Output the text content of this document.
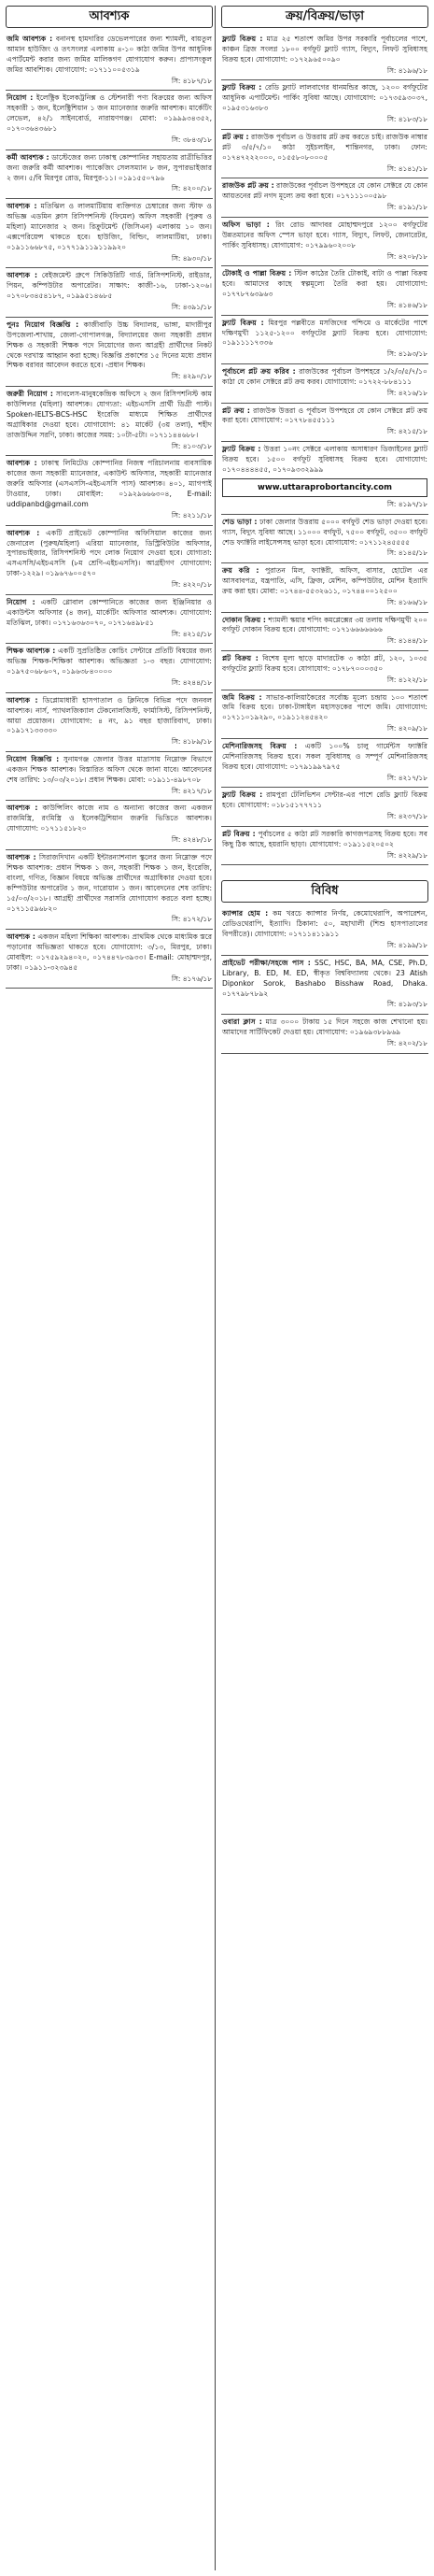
আবশ্যক
জমি আবশ্যক : বনানস্থ হামদারির ডেভেলপারের জন্য শ্যামলী, বায়তুল আমান হাউজিং ও তৎসংলগ্ন এলাকায় ৪-১০ কাঠা জমির উপর আধুনিক এপার্টমেন্ট করার জন্য জমির মালিকগণ যোগাযোগ করুন। প্রাপ্যসংকুল জমির আবশ্যিক। যোগাযোগ: ০১৭১১০০৫৩১৯
সি: ৪১৮৭/১৮
নিয়োগ : ইলেক্ট্রিক ইলেকট্রনিক্স ও স্টেশনারী পণ্য বিক্রয়ের জন্য অফিস সহকারী ১ জন, ইলেক্ট্রিশিয়ান ১ জন ম্যানেজার জরুরি আবশ্যক। মার্কেটিং লেভেল, ৪২/১ সাইনবোর্ড, নারায়ণগঞ্জ। মোবা: ০১৯৯৯৩৪৩৫২, ০১৭০৩৬৪৩৬৮১
সি: ৩৮৪৩/১৮
কর্মী আবশ্যক : ডাস্টেজের জন্য ঢাকাস্থ কোম্পানির সহায়তায় রাত্রীভিত্তির জন্য জরুরি কর্মী আবশ্যক। প্যাকেজিং সেলসম্যান ৮ জন, সুপারভাইজার ২ জন। ৫/বি মিরপুর রোড, মিরপুর-১১। ০১৯১৫৫০৭৯৬
সি: ৪২০০/১৮
আবশ্যক : মতিঝিল ও লালমাটিয়ায় ব্যক্তিগত চেম্বারের জন্য স্টাফ ও অভিজ্ঞ এডমিন ক্লাস রিসিপশনিস্ট (ফিমেল) অফিস সহকারী (পুরুষ ও মহিলা) ম্যানেজার ২ জন। রিক্রুটমেন্ট (জিসিএন) এলাকায় ১০ জন। এক্সপেরিয়েন্স থাকতে হবে। হাউজিং, বিল্ডিং, লালমাটিয়া, ঢাকা। ০১৯১১৬৬৮৭৫, ০১৭৭১৯১১৯১১৯৯২০
সি: ৪৯৩০/১৮
আবশ্যক : বেইজমেন্ট গ্রুপে সিকিউরিটি গার্ড, রিসিপশনিস্ট, রাইডার, পিয়ন, কম্পিউটার অপারেটর। সাক্ষাৎ: কাজী-১৬, ঢাকা-১২০৬। ০১৭০৮৩৪৫৪১৮৭, ০১৯৯৫১৪৬৮৫
সি: ৪৩৯১/১৮
পুনঃ নিয়োগ বিজ্ঞপ্তি : কাজীবাড়ি উচ্চ বিদ্যালয়, ভাঙ্গা, মাদারীপুর উপজেলা-শাখায়, জেলা-গোপালগঞ্জ, বিদ্যালয়ের জন্য সহকারী প্রধান শিক্ষক ও সহকারী শিক্ষক পদে নিয়োগের জন্য আগ্রহী প্রার্থীদের নিকট থেকে দরখাস্ত আহ্বান করা হচ্ছে। বিজ্ঞপ্তি প্রকাশের ১৫ দিনের মধ্যে প্রধান শিক্ষক বরাবর আবেদন করতে হবে। -প্রধান শিক্ষক।
সি: ৪২৯০/১৮
জরুরী নিয়োগ : সাবলেস-মানুষকেন্দ্রিক অফিসে ২ জন রিসিপশনিস্ট কাম কাউন্সিলর (মহিলা) আবশ্যক। যোগ্যতা: এইচএসসি প্রার্থী ডিগ্রী পাস্ট। Spoken-IELTS-BCS-HSC ইংরেজি মাধ্যমে শিক্ষিত প্রার্থীদের অগ্রাধিকার দেওয়া হবে। যোগাযোগ: ৪১ মার্কেট (৩য় তলা), শহীদ তাজউদ্দিন সরণি, ঢাকা। কাজের সময়: ১০টা-৫টা। ০১৭১১৪৪৬৮৮।
সি: ৪১০৩/১৮
আবশ্যক : ঢাকাস্থ লিমিটেড কোম্পানির নিজস্ব পরিচালনায় ব্যবসায়িক কাজের জন্য সহকারী ম্যানেজার, একাউন্ট অফিসার, সহকারী ম্যানেজার জরুরি অফিসার (এসএসসি-এইচএসসি পাস) আবশ্যক। ৪০১, ম্যাগপাই টাওয়ার, ঢাকা। মোবাইল: ০১৯২৯৬৬৬৩০৪, E-mail: uddipanbd@gmail.com
সি: ৪২১১/১৮
আবশ্যক : একটি প্রাইভেট কোম্পানির অফিসিয়াল কাজের জন্য জেনারেল (পুরুষ/মহিলা) এরিয়া ম্যানেজার, ডিস্ট্রিবিউটর অফিসার, সুপারভাইজার, রিসিপশনিস্ট পদে লোক নিয়োগ দেওয়া হবে। যোগ্যতা: এসএসসি/এইচএসসি (৮ম শ্রেণি-এইচএসসি)। আগ্রহীগণ যোগাযোগ: ঢাকা-১২২৯। ০১৯৬৭৬০০৫৭০
সি: ৪২২০/১৮
নিয়োগ : একটি গ্লোবাল কোম্পানিতে কাজের জন্য ইঞ্জিনিয়ার ও একাউন্টস অফিসার (৪ জন), মার্কেটিং অফিসার আবশ্যক। যোগাযোগ: মতিঝিল, ঢাকা। ০১৭১৬৩৬৩০৭০, ০১৭১৬৪৯৮৫১
সি: ৪২১৫/১৮
শিক্ষক আবশ্যক : একটি সুপ্রতিষ্ঠিত কোচিং সেন্টারে প্রতিটি বিষয়ের জন্য অভিজ্ঞ শিক্ষক-শিক্ষিকা আবশ্যক। অভিজ্ঞতা ১-৩ বছর। যোগাযোগ: ০১৯৭৫০৬৮৬০৭, ০১৯৬৩৮৪০০০০
সি: ৪২৪৪/১৮
আবশ্যক : ডিপ্লোমাধারী হাসপাতাল ও ক্লিনিকে বিভিন্ন পদে জনবল আবশ্যক। নার্স, প্যাথলজিক্যাল টেকনোলজিস্ট, ফার্মাসিস্ট, রিসিপশনিস্ট, আয়া প্রয়োজন। যোগাযোগ: ৪ নং, ৯১ বছর হাজারিবাগ, ঢাকা। ০১৯১৭১৩৩৩৩০
সি: ৪১৮৯/১৮
নিয়োগ বিজ্ঞপ্তি : সুনামগঞ্জ জেলার উত্তর মাদ্রাসায় নিম্নোক্ত বিভাগে একজন শিক্ষক আবশ্যক। বিস্তারিত অফিস থেকে জানা যাবে। আবেদনের শেষ তারিখ: ১৩/০৩/২০১৮। প্রধান শিক্ষক। মোবা: ০১৯১১-৪৯৮৭০৮
সি: ৪২১৭/১৮
আবশ্যক : কাউন্সিলিং কাজে নাম ও অন্যান্য কাজের জন্য একজন রাজমিস্ত্রি, রংমিস্ত্রি ও ইলেকট্রিশিয়ান জরুরি ভিত্তিতে আবশ্যক। যোগাযোগ: ০১৭১১৫১৮২০
সি: ৪২৪৮/১৮
আবশ্যক : সিরাজদিখান একটি ইন্টারন্যাশনাল স্কুলের জন্য নিম্নোক্ত পদে শিক্ষক আবশ্যক: প্রধান শিক্ষক ১ জন, সহকারী শিক্ষক ১ জন, ইংরেজি, বাংলা, গণিত, বিজ্ঞান বিষয়ে অভিজ্ঞ প্রার্থীদের অগ্রাধিকার দেওয়া হবে। কম্পিউটার অপারেটর ১ জন, দারোয়ান ১ জন। আবেদনের শেষ তারিখ: ১৫/০৩/২০১৮। আগ্রহী প্রার্থীদের সরাসরি যোগাযোগ করতে বলা হচ্ছে। ০১৭১১৫৯৬৮২০
সি: ৪১৭২/১৮
আবশ্যক : একজন মহিলা শিক্ষিকা আবশ্যক। প্রাথমিক থেকে মাধ্যমিক স্তরে পড়ানোর অভিজ্ঞতা থাকতে হবে। যোগাযোগ: ৩/১৩, মিরপুর, ঢাকা। মোবাইল: ০১৭৫৯২৯৪০২০, ০১৭৪৪৭৮৩৯৩৩। E-mail: মোহাম্মদপুর, ঢাকা। ০১৯১১-৩২৩৯৪৫
সি: ৪১৭৬/১৮
ক্রয়/বিক্রয়/ভাড়া
ফ্ল্যাট বিক্রয় : মাত্র ২৫ শতাংশ জমির উপর সরকারি পূর্বাচলের পাশে, কাঞ্চন ব্রিজ সংলগ্ন ১৮০০ বর্গফুট ফ্ল্যাট গ্যাস, বিদ্যুৎ, লিফট সুবিধাসহ বিক্রয় হবে। যোগাযোগ: ০১৭২৯৬৫০০৯০
সি: ৪১৯৬/১৮
ফ্ল্যাট বিক্রয় : রেডি ফ্ল্যাট লালবাগের ধানমন্ডির কাছে, ১২০০ বর্গফুটের আধুনিক এপার্টমেন্ট। পার্কিং সুবিধা আছে। যোগাযোগ: ০১৭৩৫৯৩০৩৭, ০১৯৫৩১৬৩৮৩
সি: ৪১৮৩/১৮
প্লট ক্রয় : রাজউক পূর্বাচল ও উত্তরায় প্লট ক্রয় করতে চাই। রাজউক নাম্বার প্লট ৩/৫/৭/১০ কাঠা সুইচলাইন, শান্তিনগর, ঢাকা। ফোন: ০১৭৪৭২২২০০০, ০১৫৫৮০৮০০০৫
সি: ৪১৪১/১৮
রাজউক প্লট ক্রয় : রাজউকের পূর্বাচল উপশহরে যে কোন সেক্টরে যে কোন আয়তনের প্লট নগদ মূল্যে ক্রয় করা হবে। ০১৭১১১০০৫৯৮
সি: ৪১৯১/১৮
অফিস ভাড়া : রিং রোড আদাবর মোহাম্মদপুরে ১২০০ বর্গফুটের উন্নতমানের অফিস স্পেস ভাড়া হবে। গ্যাস, বিদ্যুৎ, লিফট, জেনারেটর, পার্কিং সুবিধাসহ। যোগাযোগ: ০১৭৯৯৬০২০০৮
সি: ৪২০৮/১৮
টোকাই ও পাল্লা বিক্রয় : স্টিল কাঠের তৈরি টোকাই, বাটা ও পাল্লা বিক্রয় হবে। আমাদের কাছে স্বল্পমূল্যে তৈরি করা হয়। যোগাযোগ: ০১৭৭৮৭৬৩৯৬৩
সি: ৪১৪৬/১৮
ফ্ল্যাট বিক্রয় : মিরপুর পল্লবীতে মসজিদের পশ্চিমে ও মার্কেটের পাশে দক্ষিণমুখী ১১২৫-১২০০ বর্গফুটের ফ্ল্যাট বিক্রয় হবে। যোগাযোগ: ০১৯১১১১৭৩৩৬
সি: ৪১৯৩/১৮
পূর্বাচলে প্লট ক্রয় করিব : রাজউকের পূর্বাচল উপশহরে ১/২/৩/৫/৭/১০ কাঠা যে কোন সেক্টরে প্লট ক্রয় করব। যোগাযোগ: ০১৭২২-৮৮৪১১১
সি: ৪২১৬/১৮
প্লট ক্রয় : রাজউক উত্তরা ও পূর্বাচল উপশহরে যে কোন সেক্টরে প্লট ক্রয় করা হবে। যোগাযোগ: ০১৭৭৮৪৫৫১১১
সি: ৪২১৫/১৮
ফ্ল্যাট বিক্রয় : উত্তরা ১০নং সেক্টরে এলাকায় অসাধারণ ডিজাইনের ফ্ল্যাট বিক্রয় হবে। ১৫০০ বর্গফুট সুবিধাসহ বিক্রয় হবে। যোগাযোগ: ০১৭০৪৪৪৪৫৫, ০১৭০৯৩৩২৯৯৯
www.uttaraprobortancity.com
সি: ৪১৯৭/১৮
শেড ভাড়া : ঢাকা জেলার উত্তরায় ৫০০০ বর্গফুট শেড ভাড়া দেওয়া হবে। গ্যাস, বিদ্যুৎ সুবিধা আছে। ১১০০০ বর্গফুট, ৭৫০০ বর্গফুট, ৩৫০০ বর্গফুট শেড ফ্যাক্টরি লাইসেন্সসহ ভাড়া হবে। যোগাযোগ: ০১৭১১২৪৫৫৫৫
সি: ৪১৪৫/১৮
ক্রয় করি : পুরাতন মিল, ফ্যাক্টরী, অফিস, বাসার, হোটেল এর আসবাবপত্র, যন্ত্রপাতি, এসি, ফ্রিজ, মেশিন, কম্পিউটার, মেশিন ইত্যাদি ক্রয় করা হয়। মোবা: ০১৭৪৪-৫৫৩২৬১১, ০১৭৪৪০০১২৫০০
সি: ৪১৬৬/১৮
দোকান বিক্রয় : শ্যামলী স্কয়ার শপিং কমপ্লেক্সের ৩য় তলায় দক্ষিণমুখী ২০০ বর্গফুট দোকান বিক্রয় হবে। যোগাযোগ: ০১৭১৬৬৬৬৬৬৬
সি: ৪১৪৪/১৮
প্লট বিক্রয় : বিশেষ মূল্য ছাড়ে মাদারটেক ৩ কাঠা প্লট, ১২০, ১০৩৫ বর্গফুটের ফ্ল্যাট বিক্রয় হবে। যোগাযোগ: ০১৭৮৭০০০৩৫০
সি: ৪১২২/১৮
জমি বিক্রয় : সাভার-কালিয়াকৈরের সর্বোচ্চ মূল্যে চন্দ্রায় ১০০ শতাংশ জমি বিক্রয় হবে। ঢাকা-টাঙ্গাইল মহাসড়কের পাশে জমি। যোগাযোগ: ০১৭১১০১৯২৯০, ০১৯১১২৪৫৪২০
সি: ৪২০৯/১৮
মেশিনারিজসহ বিক্রয় : একটি ১০০% চালু গার্মেন্টস ফ্যাক্টরি মেশিনারিজসহ বিক্রয় হবে। সকল সুবিধাসহ ও সম্পূর্ণ মেশিনারিজসহ বিক্রয় হবে। যোগাযোগ: ০১৭৯১৯৯৭৯৭৫
সি: ৪২১৭/১৮
ফ্ল্যাট বিক্রয় : রামপুরা টেলিভিশন সেন্টার-এর পাশে রেডি ফ্ল্যাট বিক্রয় হবে। যোগাযোগ: ০১৮১৫১৭৭৭১১
সি: ৪২৩৭/১৮
প্লট বিক্রয় : পূর্বাচলের ৫ কাঠা প্লট সরকারি কাগজপত্রসহ বিক্রয় হবে। সব কিছু ঠিক আছে, হয়রানি ছাড়া। যোগাযোগ: ০১৯১১৫২০৫০২
সি: ৪২২৯/১৮
বিবিধ
ক্যান্সার হোম : কম খরচে ক্যান্সার নির্ণয়, কেমোথেরাপি, অপারেশন, রেডিওথেরাপি, ইত্যাদি। ঠিকানা: ৫০, মহাখালী (শিশু হাসপাতালের বিপরীতে)। যোগাযোগ: ০১৭১১৪১১৯১১
সি: ৪১৯৯/১৮
প্রাইভেট পরীক্ষা/সহজে পাস : SSC, HSC, BA, MA, CSE, Ph.D, Library, B. ED, M. ED, স্বীকৃত বিশ্ববিদ্যালয় থেকে। 23 Atish Diponkor Sorok, Bashabo Bisshaw Road, Dhaka. ০১৭৭৯৮৭৮৯২
সি: ৪১৯৩/১৮
ওবারা ক্লাস : মাত্র ৩০০০ টাকায় ১৫ দিনে সহজে কাজ শেখানো হয়। আমাদের সার্টিফিকেট দেওয়া হয়। যোগাযোগ: ০১৯৬৯৩৮৮৯৬৯
সি: ৪২০২/১৮
